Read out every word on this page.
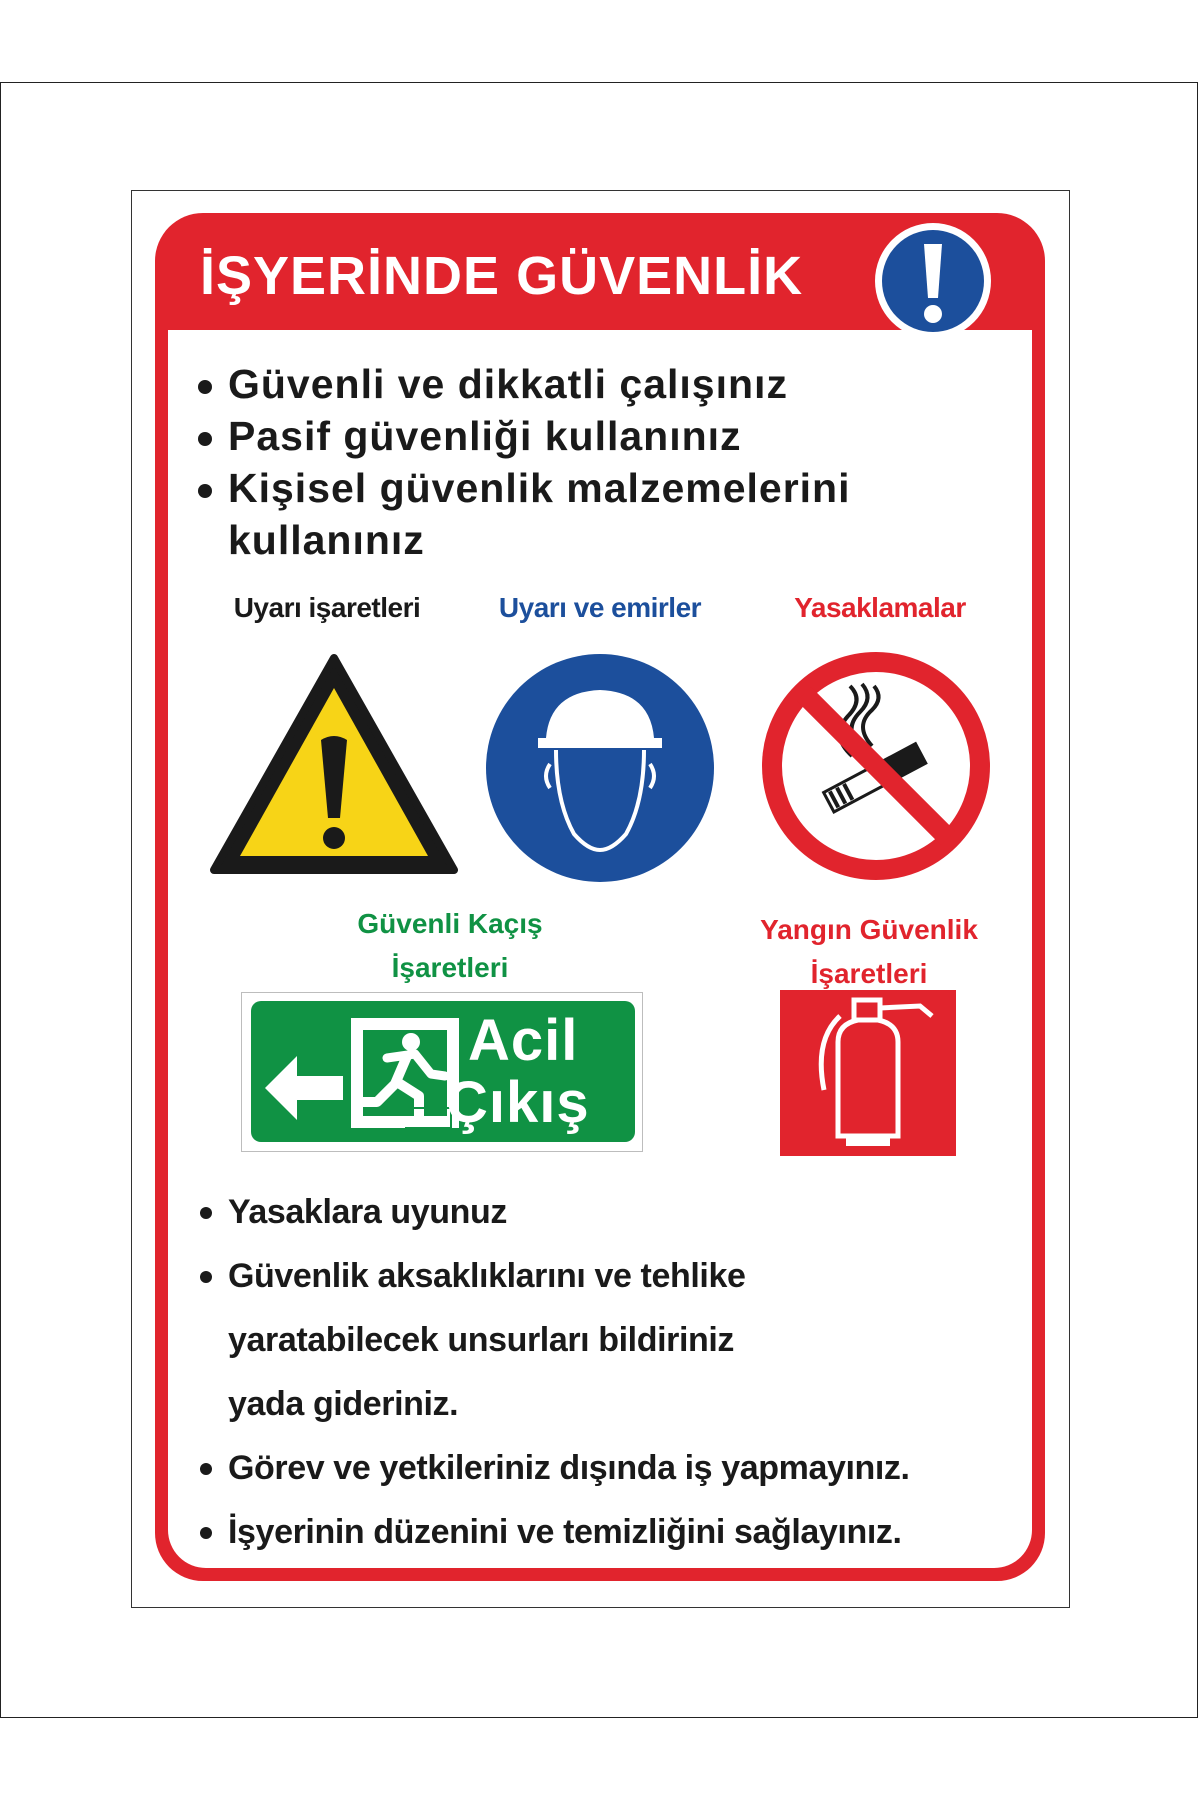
İŞYERİNDE GÜVENLİK
Güvenli ve dikkatli çalışınız
Pasif güvenliği kullanınız
Kişisel güvenlik malzemelerini kullanınız
Uyarı işaretleri	Uyarı ve emirler	Yasaklamalar
Güvenli Kaçış
İşaretleri
Acil
Çıkış
Yangın Güvenlik
İşaretleri
Yasaklara uyunuz
Güvenlik aksaklıklarını ve tehlike
yaratabilecek unsurları bildiriniz
yada gideriniz.
Görev ve yetkileriniz dışında iş yapmayınız.
İşyerinin düzenini ve temizliğini sağlayınız.
